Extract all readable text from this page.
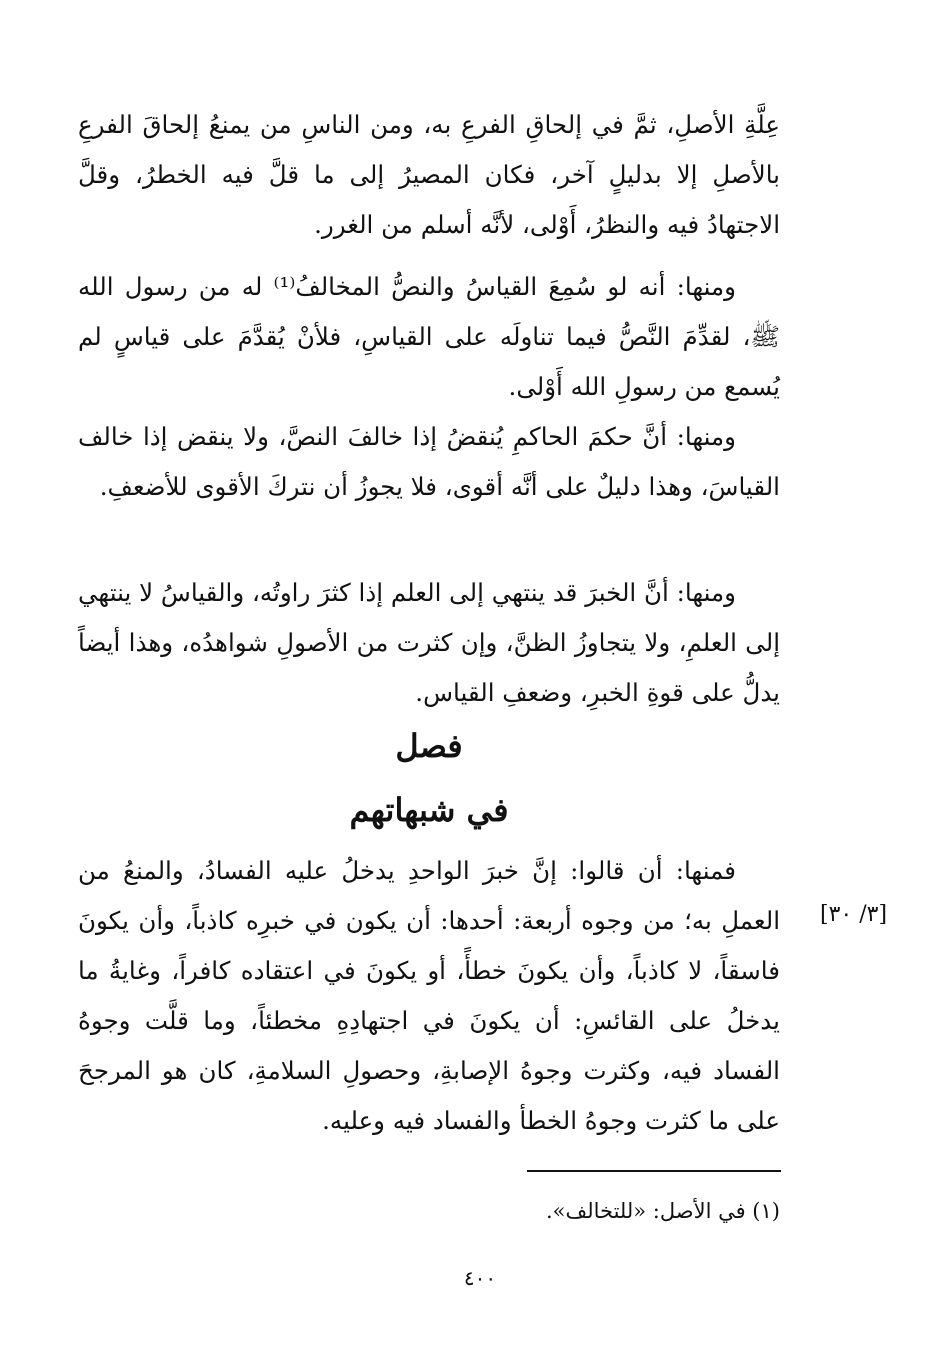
عِلَّةِ الأصلِ، ثمَّ في إلحاقِ الفرعِ به، ومن الناسِ من يمنعُ إلحاقَ الفرعِ بالأصلِ إلا بدليلٍ آخر، فكان المصيرُ إلى ما قلَّ فيه الخطرُ، وقلَّ الاجتهادُ فيه والنظرُ، أَوْلى، لأنَّه أسلم من الغرر.

ومنها: أنه لو سُمِعَ القياسُ والنصُّ المخالفُ⁽¹⁾ له من رسول الله ﷺ، لقدِّمَ النَّصُّ فيما تناولَه على القياسِ، فلأنْ يُقدَّمَ على قياسٍ لم يُسمع من رسولِ الله أَوْلى.

ومنها: أنَّ حكمَ الحاكمِ يُنقضُ إذا خالفَ النصَّ، ولا ينقض إذا خالف القياسَ، وهذا دليلٌ على أنَّه أقوى، فلا يجوزُ أن نتركَ الأقوى للأضعفِ.

ومنها: أنَّ الخبرَ قد ينتهي إلى العلم إذا كثرَ راوتُه، والقياسُ لا ينتهي إلى العلمِ، ولا يتجاوزُ الظنَّ، وإن كثرت من الأصولِ شواهدُه، وهذا أيضاً يدلُّ على قوةِ الخبرِ، وضعفِ القياس.

فصل
في شبهاتهم

فمنها: أن قالوا: إنَّ خبرَ الواحدِ يدخلُ عليه الفسادُ، والمنعُ من العملِ به؛ من وجوه أربعة: أحدها: أن يكون في خبرِه كاذباً، وأن يكونَ فاسقاً، لا كاذباً، وأن يكونَ خطأً، أو يكونَ في اعتقاده كافراً، وغايةُ ما يدخلُ على القائسِ: أن يكونَ في اجتهادِهِ مخطئاً، وما قلَّت وجوهُ الفساد فيه، وكثرت وجوهُ الإصابةِ، وحصولِ السلامةِ، كان هو المرجحَ على ما كثرت وجوهُ الخطأ والفساد فيه وعليه.

[٣/ ٣٠]

(١) في الأصل: «للتخالف».

٤٠٠
